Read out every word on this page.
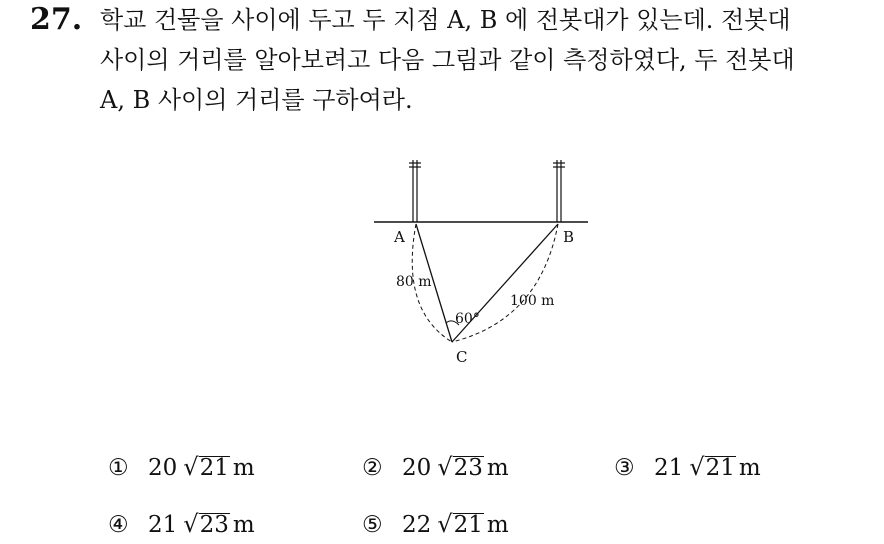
27. 학교 건물을 사이에 두고 두 지점 A, B 에 전봇대가 있는데. 전봇대
사이의 거리를 알아보려고 다음 그림과 같이 측정하였다, 두 전봇대
A, B 사이의 거리를 구하여라.
A	B
C
80 m
100 m
60°
① 20 √ 21 m	② 20 √ 23 m	③ 21 √ 21 m
④ 21 √ 23 m	⑤ 22 √ 21 m
